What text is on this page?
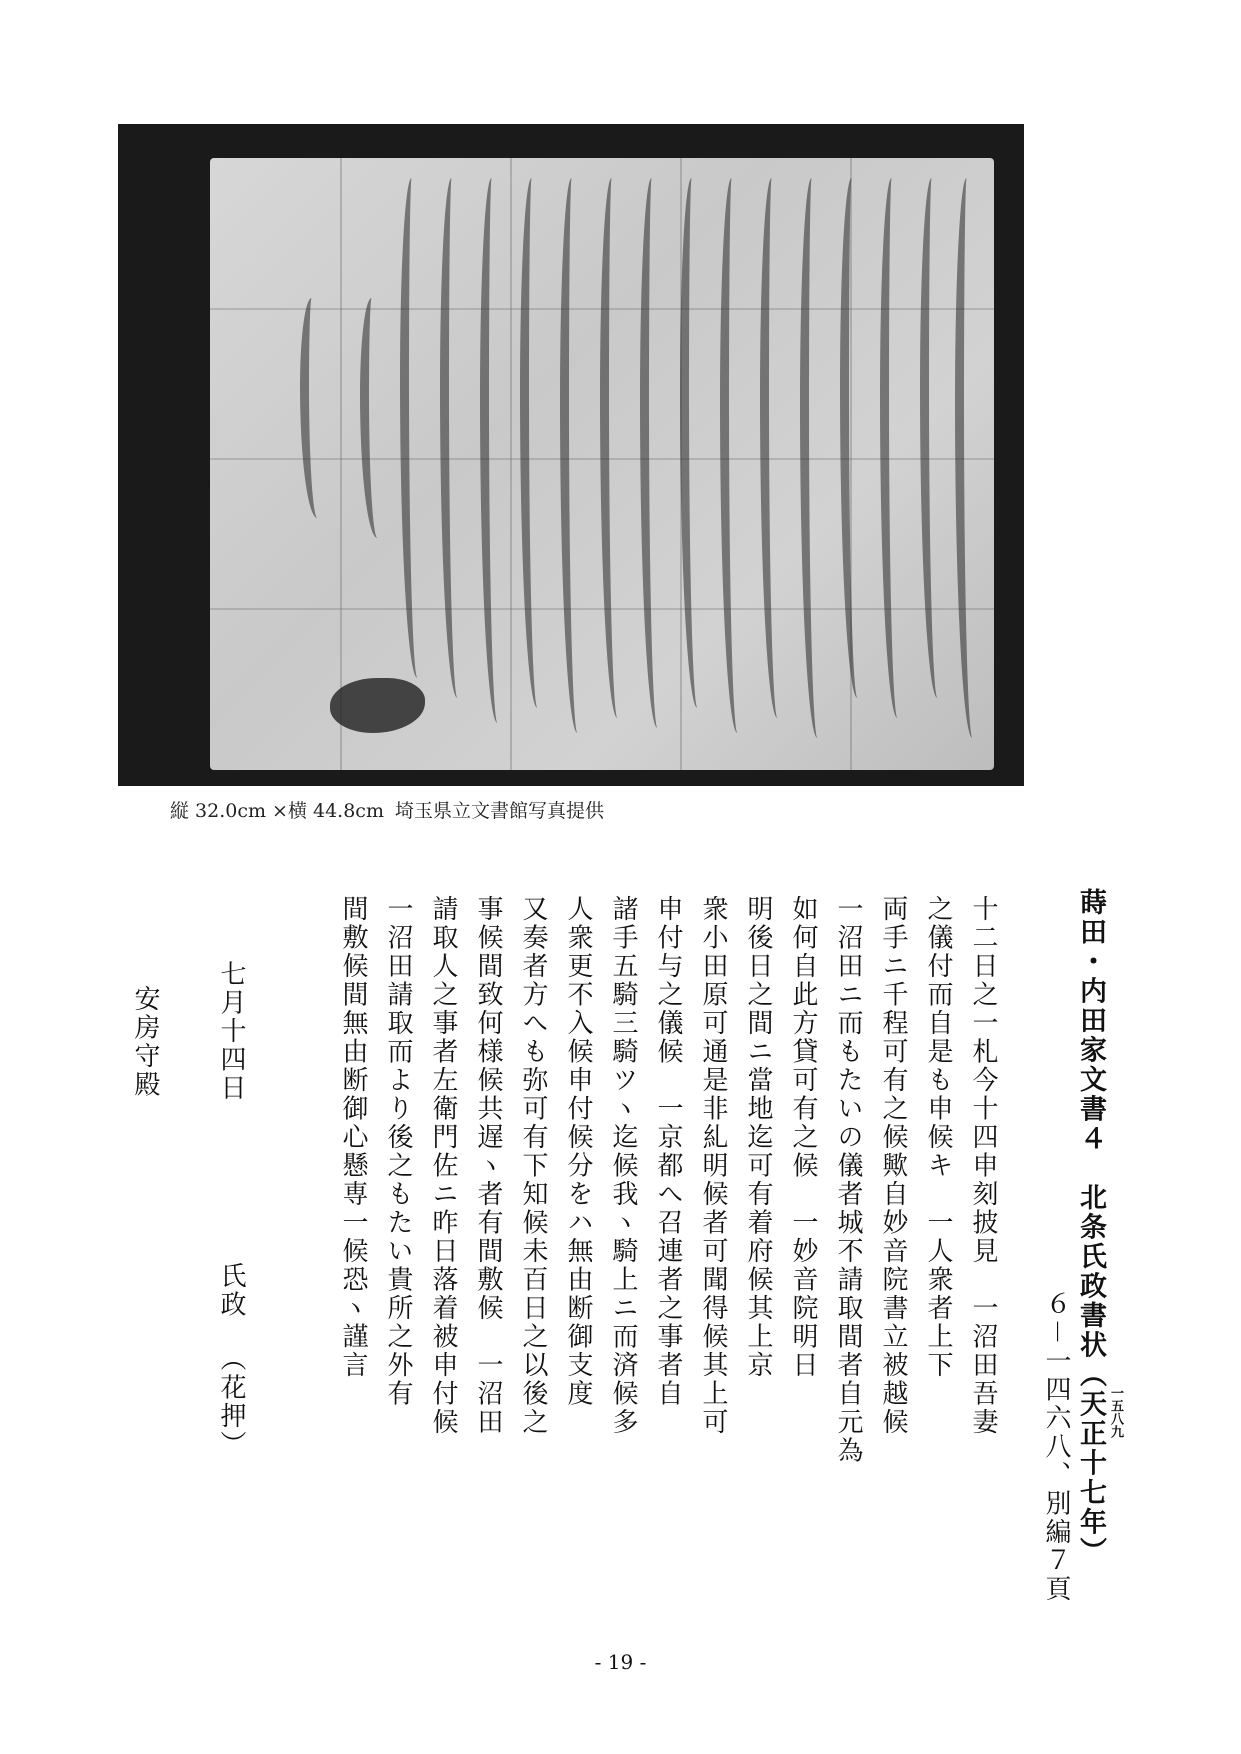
縦 32.0cm ×横 44.8cm 埼玉県立文書館写真提供
蒔田・内田家文書４　北条氏政書状（天正 一五八九
十七年）
６－一四六八、別編７頁
十二日之一札今十四申刻披見　一沼田吾妻
之儀付而自是も申候キ　一人衆者上下
両手ニ千程可有之候歟自妙音院書立被越候
一沼田ニ而もたいの儀者城不請取間者自元為
如何自此方貸可有之候　一妙音院明日
明後日之間ニ當地迄可有着府候其上京
衆小田原可通是非糺明候者可聞得候其上可
申付与之儀候　一京都へ召連者之事者自
諸手五騎三騎ツヽ迄候我ヽ騎上ニ而済候多
人衆更不入候申付候分をハ無由断御支度
又奏者方へも弥可有下知候未百日之以後之
事候間致何様候共遅ヽ者有間敷候　一沼田
請取人之事者左衛門佐ニ昨日落着被申付候
一沼田請取而より後之もたい貴所之外有
間敷候間無由断御心懸専一候恐ヽ謹言
七月十四日
氏政
（花押）
安房守殿
- 19 -
